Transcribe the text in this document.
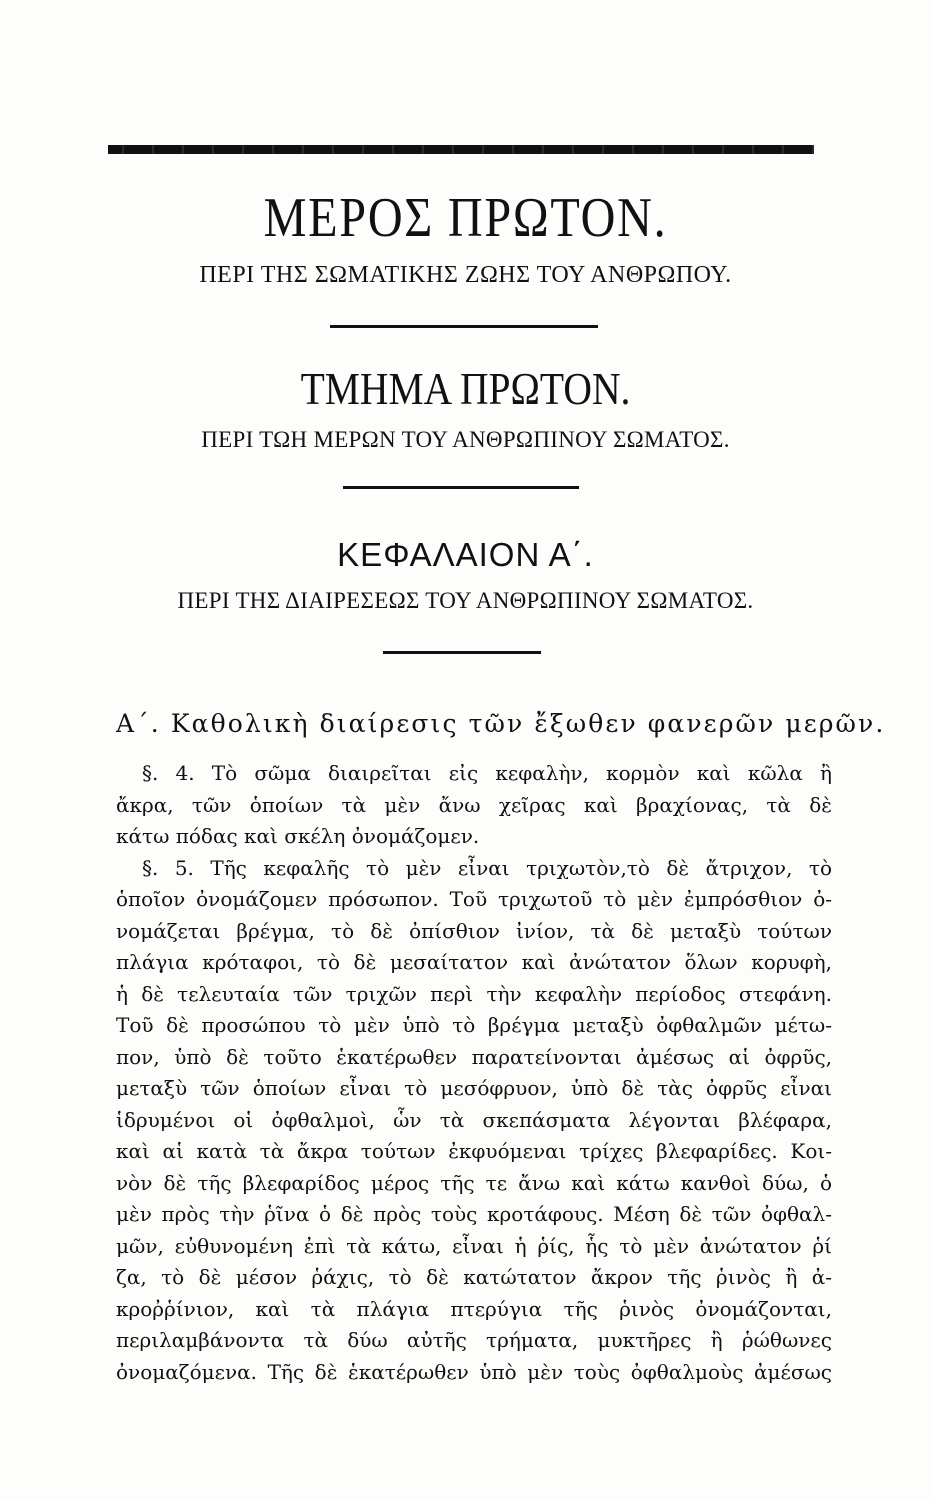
ΜΕΡΟΣ ΠΡΩΤΟΝ.
ΠΕΡΙ ΤΗΣ ΣΩΜΑΤΙΚΗΣ ΖΩΗΣ ΤΟΥ ΑΝΘΡΩΠΟΥ.
ΤΜΗΜΑ ΠΡΩΤΟΝ.
ΠΕΡΙ ΤΩΗ ΜΕΡΩΝ ΤΟΥ ΑΝΘΡΩΠΙΝΟΥ ΣΩΜΑΤΟΣ.
ΚΕΦΑΛΑΙΟΝ Α΄.
ΠΕΡΙ ΤΗΣ ΔΙΑΙΡΕΣΕΩΣ ΤΟΥ ΑΝΘΡΩΠΙΝΟΥ ΣΩΜΑΤΟΣ.
Α΄. Καθολικὴ διαίρεσις τῶν ἔξωθεν φανερῶν μερῶν.
§. 4. Τὸ σῶμα διαιρεῖται εἰς κεφαλὴν, κορμὸν καὶ κῶλα ἢ
ἄκρα, τῶν ὁποίων τὰ μὲν ἄνω χεῖρας καὶ βραχίονας, τὰ δὲ
κάτω πόδας καὶ σκέλη ὀνομάζομεν.
§. 5. Τῆς κεφαλῆς τὸ μὲν εἶναι τριχωτὸν,τὸ δὲ ἄτριχον, τὸ
ὁποῖον ὀνομάζομεν πρόσωπον. Τοῦ τριχωτοῦ τὸ μὲν ἐμπρόσθιον ὀ-
νομάζεται βρέγμα, τὸ δὲ ὀπίσθιον ἰνίον, τὰ δὲ μεταξὺ τούτων
πλάγια κρόταφοι, τὸ δὲ μεσαίτατον καὶ ἀνώτατον ὅλων κορυφὴ,
ἡ δὲ τελευταία τῶν τριχῶν περὶ τὴν κεφαλὴν περίοδος στεφάνη.
Τοῦ δὲ προσώπου τὸ μὲν ὑπὸ τὸ βρέγμα μεταξὺ ὀφθαλμῶν μέτω-
πον, ὑπὸ δὲ τοῦτο ἑκατέρωθεν παρατείνονται ἀμέσως αἱ ὀφρῦς,
μεταξὺ τῶν ὁποίων εἶναι τὸ μεσόφρυον, ὑπὸ δὲ τὰς ὀφρῦς εἶναι
ἱδρυμένοι οἱ ὀφθαλμοὶ, ὧν τὰ σκεπάσματα λέγονται βλέφαρα,
καὶ αἱ κατὰ τὰ ἄκρα τούτων ἐκφυόμεναι τρίχες βλεφαρίδες. Κοι-
νὸν δὲ τῆς βλεφαρίδος μέρος τῆς τε ἄνω καὶ κάτω κανθοὶ δύω, ὁ
μὲν πρὸς τὴν ῥῖνα ὁ δὲ πρὸς τοὺς κροτάφους. Μέση δὲ τῶν ὀφθαλ-
μῶν, εὐθυνομένη ἐπὶ τὰ κάτω, εἶναι ἡ ῥίς, ἧς τὸ μὲν ἀνώτατον ῥί
ζα, τὸ δὲ μέσον ῥάχις, τὸ δὲ κατώτατον ἄκρον τῆς ῥινὸς ἢ ἀ-
κροῤῥίνιον, καὶ τὰ πλάγια πτερύγια τῆς ῥινὸς ὀνομάζονται,
περιλαμβάνοντα τὰ δύω αὐτῆς τρήματα, μυκτῆρες ἢ ῥώθωνες
ὀνομαζόμενα. Τῆς δὲ ἑκατέρωθεν ὑπὸ μὲν τοὺς ὀφθαλμοὺς ἀμέσως
